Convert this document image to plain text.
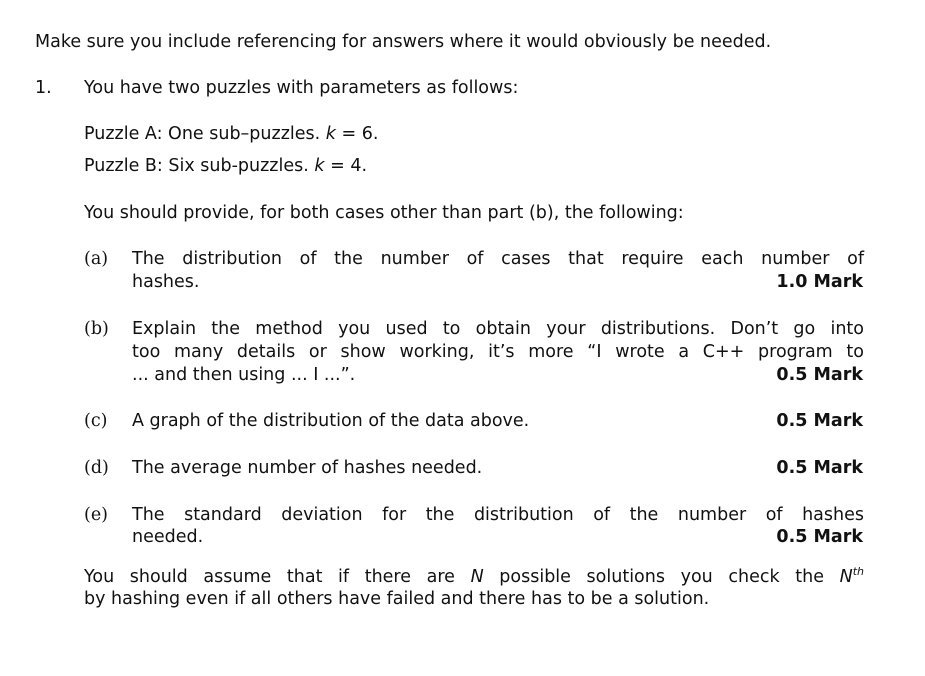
Make sure you include referencing for answers where it would obviously be needed.
1. You have two puzzles with parameters as follows:
Puzzle A: One sub–puzzles. k = 6.
Puzzle B: Six sub-puzzles. k = 4.
You should provide, for both cases other than part (b), the following:
(a) The distribution of the number of cases that require each number of
hashes.	1.0 Mark
(b) Explain the method you used to obtain your distributions. Don’t go into
too many details or show working, it’s more “I wrote a C++ program to
... and then using ... I ...”.	0.5 Mark
(c) A graph of the distribution of the data above.	0.5 Mark
(d) The average number of hashes needed.	0.5 Mark
(e) The standard deviation for the distribution of the number of hashes
needed.	0.5 Mark
You should assume that if there are N possible solutions you check the $N^{th}$
by hashing even if all others have failed and there has to be a solution.
